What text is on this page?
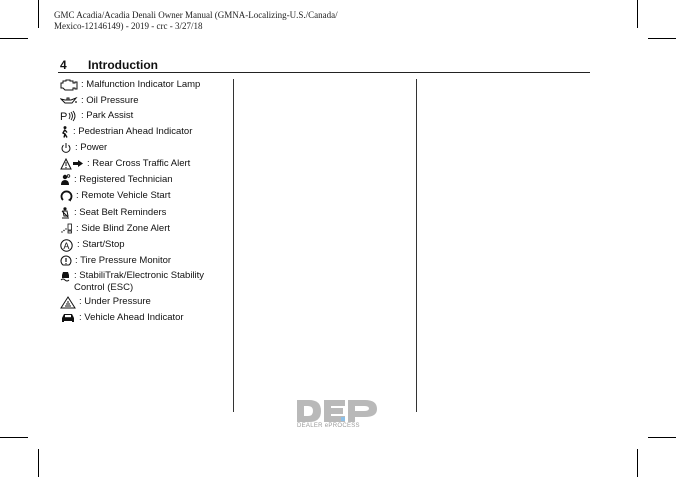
GMC Acadia/Acadia Denali Owner Manual (GMNA-Localizing-U.S./Canada/
Mexico-12146149) - 2019 - crc - 3/27/18
4 Introduction
: Malfunction Indicator Lamp
: Oil Pressure
P : Park Assist
: Pedestrian Ahead Indicator
: Power
: Rear Cross Traffic Alert
: Registered Technician
: Remote Vehicle Start
: Seat Belt Reminders
: Side Blind Zone Alert
A : Start/Stop
: Tire Pressure Monitor
: StabiliTrak/Electronic Stability Control (ESC)
: Under Pressure
: Vehicle Ahead Indicator
DEALER ePROCESS
